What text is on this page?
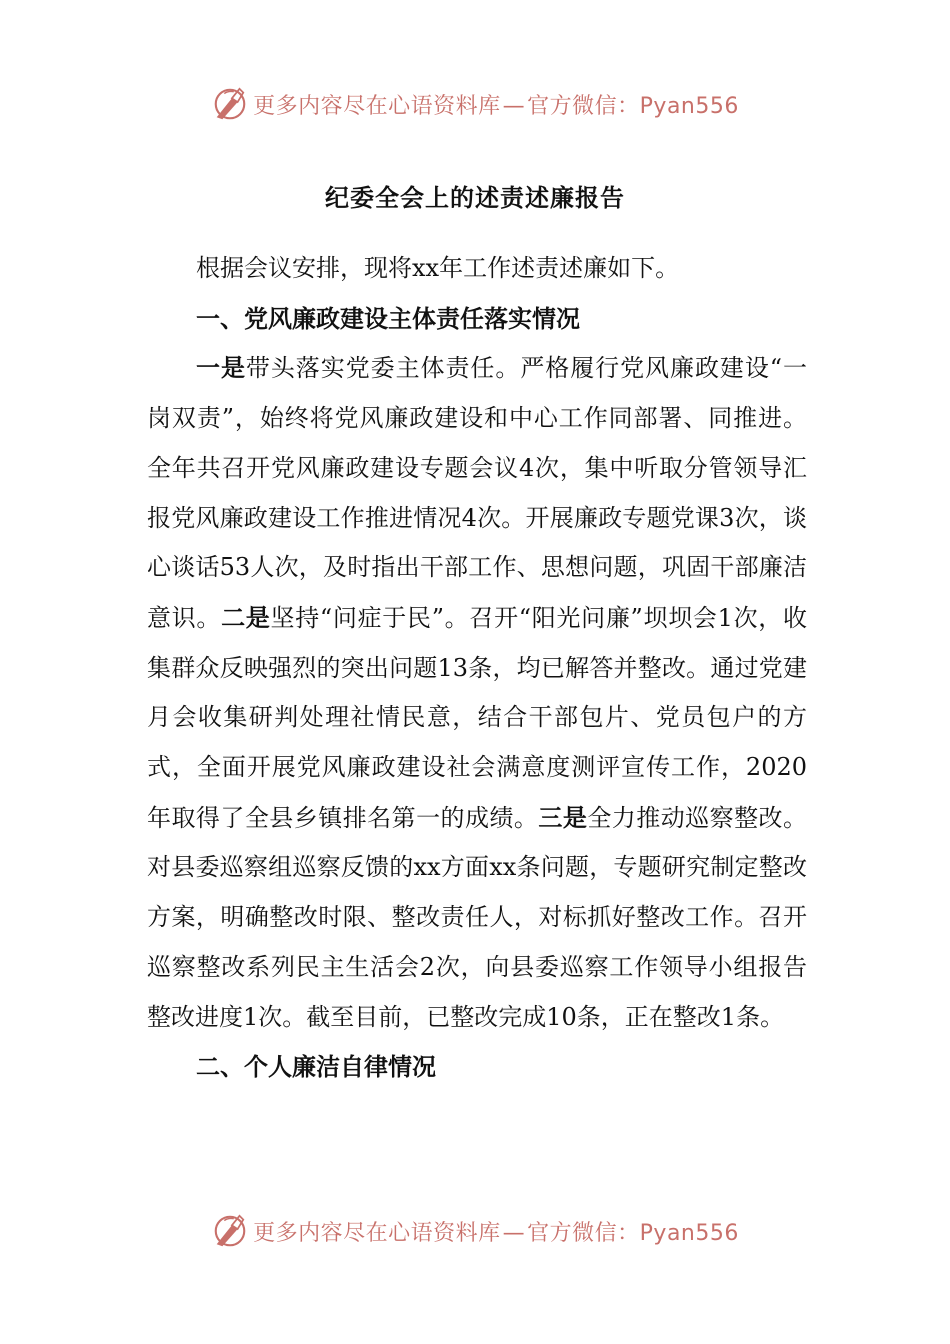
更多内容尽在心语资料库—官方微信：Pyan556
纪委全会上的述责述廉报告

根据会议安排，现将xx年工作述责述廉如下。

一、党风廉政建设主体责任落实情况

一是带头落实党委主体责任。严格履行党风廉政建设“一岗双责”，始终将党风廉政建设和中心工作同部署、同推进。全年共召开党风廉政建设专题会议4次，集中听取分管领导汇报党风廉政建设工作推进情况4次。开展廉政专题党课3次，谈心谈话53人次，及时指出干部工作、思想问题，巩固干部廉洁意识。二是坚持“问症于民”。召开“阳光问廉”坝坝会1次，收集群众反映强烈的突出问题13条，均已解答并整改。通过党建月会收集研判处理社情民意，结合干部包片、党员包户的方式，全面开展党风廉政建设社会满意度测评宣传工作，2020年取得了全县乡镇排名第一的成绩。三是全力推动巡察整改。对县委巡察组巡察反馈的xx方面xx条问题，专题研究制定整改方案，明确整改时限、整改责任人，对标抓好整改工作。召开巡察整改系列民主生活会2次，向县委巡察工作领导小组报告整改进度1次。截至目前，已整改完成10条，正在整改1条。

二、个人廉洁自律情况

更多内容尽在心语资料库—官方微信：Pyan556
